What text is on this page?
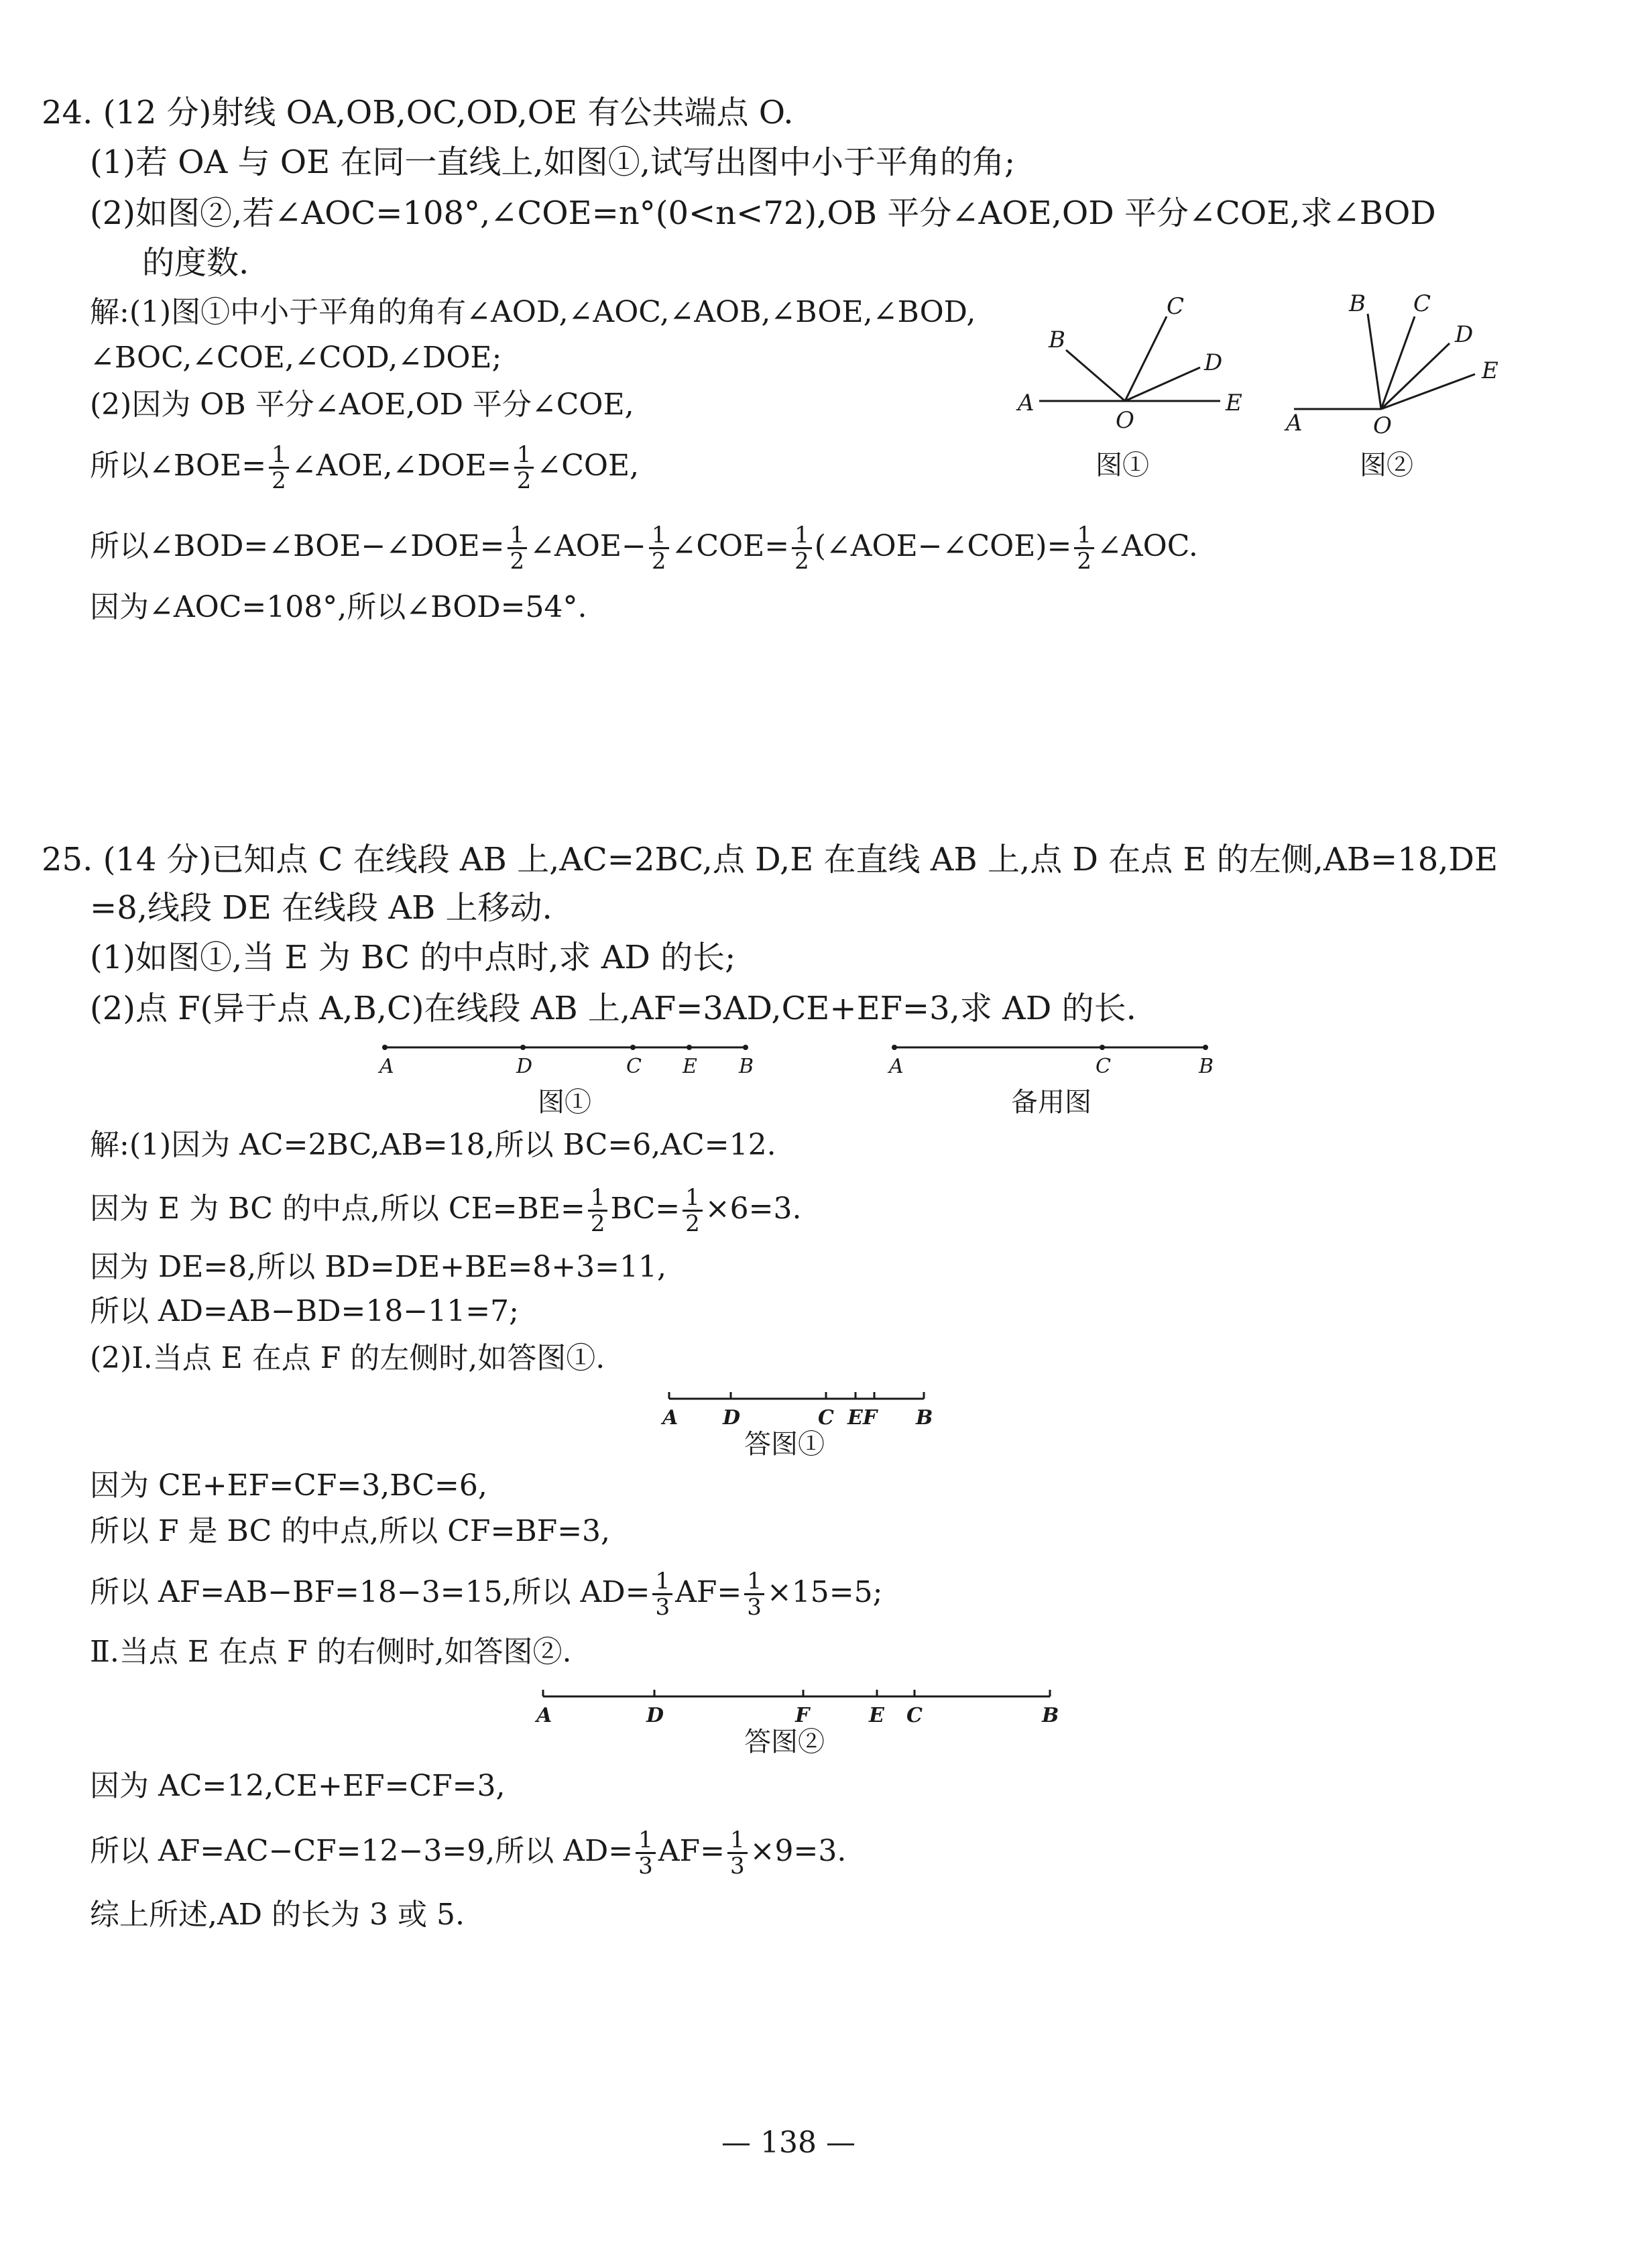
24. (12 分)射线 OA,OB,OC,OD,OE 有公共端点 O.
(1)若 OA 与 OE 在同一直线上,如图①,试写出图中小于平角的角;
(2)如图②,若∠AOC=108°,∠COE=n°(0<n<72),OB 平分∠AOE,OD 平分∠COE,求∠BOD
的度数.
解:(1)图①中小于平角的角有∠AOD,∠AOC,∠AOB,∠BOE,∠BOD,
∠BOC,∠COE,∠COD,∠DOE;
(2)因为 OB 平分∠AOE,OD 平分∠COE,
所以∠BOE= $\frac{1}{2}$ ∠AOE,∠DOE= $\frac{1}{2}$ ∠COE,
所以∠BOD=∠BOE−∠DOE= $\frac{1}{2}$ ∠AOE− $\frac{1}{2}$ ∠COE= $\frac{1}{2}$ (∠AOE−∠COE)= $\frac{1}{2}$ ∠AOC.
因为∠AOC=108°,所以∠BOD=54°.
A
B
C
D
E
O
图①
A
B C
D
E
O
图②
25. (14 分)已知点 C 在线段 AB 上,AC=2BC,点 D,E 在直线 AB 上,点 D 在点 E 的左侧,AB=18,DE
=8,线段 DE 在线段 AB 上移动.
(1)如图①,当 E 为 BC 的中点时,求 AD 的长;
(2)点 F(异于点 A,B,C)在线段 AB 上,AF=3AD,CE+EF=3,求 AD 的长.
A	D	C E B
图①
A	C	B
备用图
解:(1)因为 AC=2BC,AB=18,所以 BC=6,AC=12.
因为 E 为 BC 的中点,所以 $CE=BE= \frac{1}{2} BC= \frac{1}{2} \times 6=3$.
因为 DE=8,所以 BD=DE+BE=8+3=11,
所以 AD=AB−BD=18−11=7;
(2)Ⅰ.当点 E 在点 F 的左侧时,如答图①.
A D	C EF B
答图①
因为 CE+EF=CF=3,BC=6,
所以 F 是 BC 的中点,所以 CF=BF=3,
所以 AF=AB−BF=18−3=15,所以 $AD= \frac{1}{3} AF= \frac{1}{3} \times 15=5$;
Ⅱ.当点 E 在点 F 的右侧时,如答图②.
A	D	F	E C	B
答图②
因为 AC=12,CE+EF=CF=3,
所以 AF=AC−CF=12−3=9,所以 $AD= \frac{1}{3} AF= \frac{1}{3} \times 9=3$.
综上所述,AD 的长为 3 或 5.
— 138 —
